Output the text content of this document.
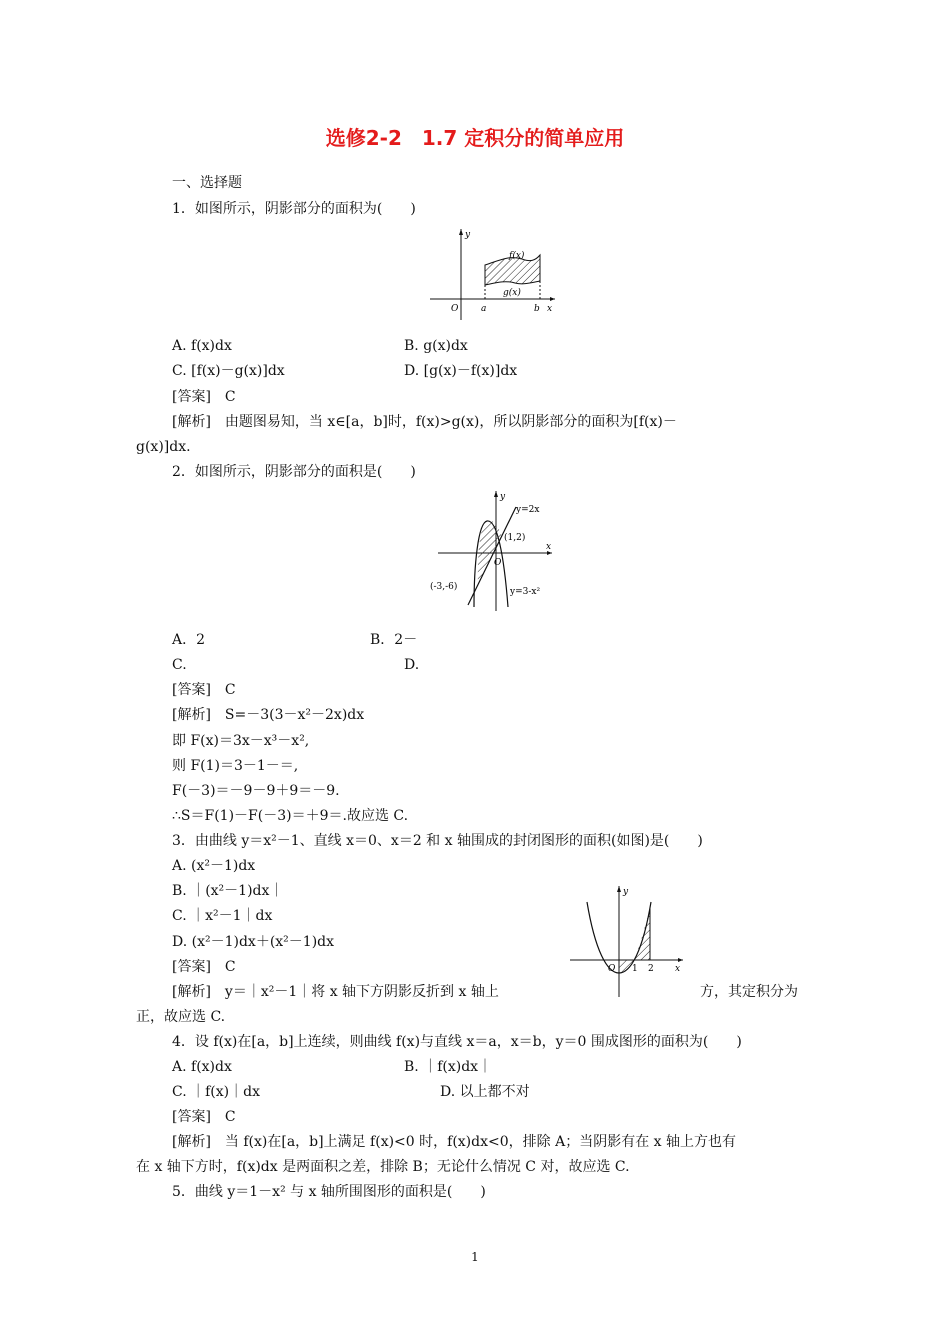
选修2-2　1.7 定积分的简单应用
一、选择题
1．如图所示，阴影部分的面积为(　　)
y
O	a	b x
f(x)
g(x)
A. f(x)dx	B. g(x)dx
C. [f(x)－g(x)]dx	D. [g(x)－f(x)]dx
[答案]　C
[解析]　由题图易知，当 x∈[a，b]时，f(x)>g(x)，所以阴影部分的面积为[f(x)－
g(x)]dx.
2．如图所示，阴影部分的面积是(　　)
y
y=2x
(1,2)
x
O
(-3,-6)	y=3-x²
A．2	B．2－
C.	D.
[答案]　C
[解析]　S=－3(3－x²－2x)dx
即 F(x)＝3x－x³－x²,
则 F(1)＝3－1－＝,
F(－3)＝－9－9＋9＝－9.
∴S＝F(1)－F(－3)＝＋9＝.故应选 C.
3．由曲线 y＝x²－1、直线 x＝0、x＝2 和 x 轴围成的封闭图形的面积(如图)是(　　)
A. (x²－1)dx
B. ｜(x²－1)dx｜
C. ｜x²－1｜dx
D. (x²－1)dx＋(x²－1)dx
[答案]　C
[解析]　y＝｜x²－1｜将 x 轴下方阴影反折到 x 轴上	方，其定积分为
正，故应选 C.
y
O 1 2 x
4．设 f(x)在[a，b]上连续，则曲线 f(x)与直线 x＝a，x＝b，y＝0 围成图形的面积为(　　)
A. f(x)dx	B. ｜f(x)dx｜
C. ｜f(x)｜dx	D. 以上都不对
[答案]　C
[解析]　当 f(x)在[a，b]上满足 f(x)<0 时，f(x)dx<0，排除 A；当阴影有在 x 轴上方也有
在 x 轴下方时，f(x)dx 是两面积之差，排除 B；无论什么情况 C 对，故应选 C.
5．曲线 y＝1－x² 与 x 轴所围图形的面积是(　　)
1
